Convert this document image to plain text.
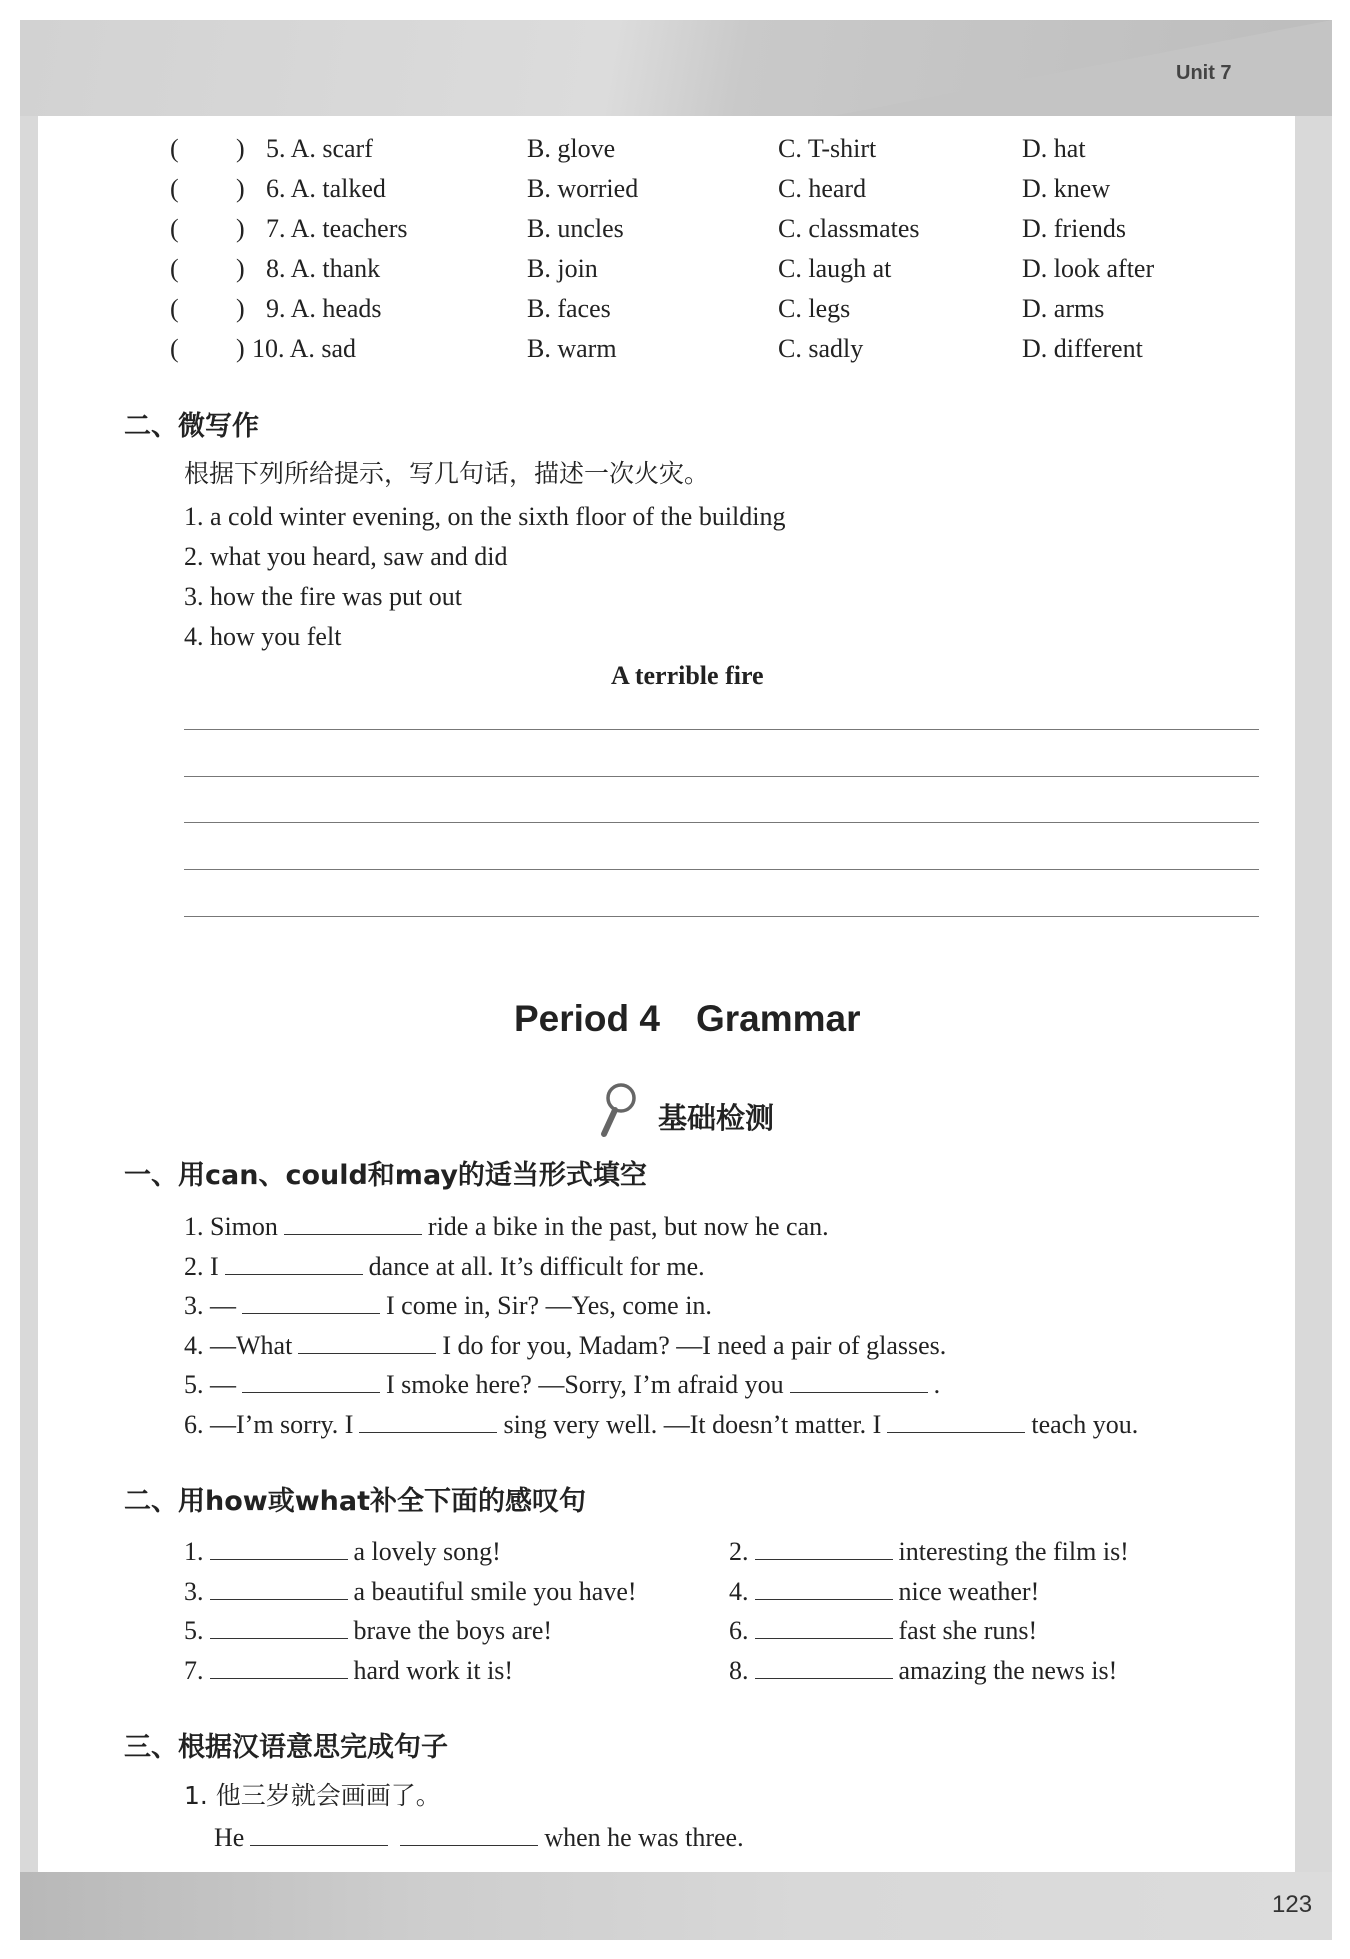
Unit 7
( ) 5. A. scarf	B. glove	C. T-shirt	D. hat
( ) 6. A. talked	B. worried	C. heard	D. knew
( ) 7. A. teachers	B. uncles	C. classmates	D. friends
( ) 8. A. thank	B. join	C. laugh at	D. look after
( ) 9. A. heads	B. faces	C. legs	D. arms
( ) 10. A. sad	B. warm	C. sadly	D. different
二、微写作
根据下列所给提示，写几句话，描述一次火灾。
1. a cold winter evening, on the sixth floor of the building
2. what you heard, saw and did
3. how the fire was put out
4. how you felt
A terrible fire
Period 4 Grammar
基础检测
一、用can、could和may的适当形式填空
1. Simon	ride a bike in the past, but now he can.
2. I	dance at all. It’s difficult for me.
3. —	I come in, Sir? —Yes, come in.
4. —What	I do for you, Madam? —I need a pair of glasses.
5. —	I smoke here? —Sorry, I’m afraid you	.
6. —I’m sorry. I	sing very well. —It doesn’t matter. I	teach you.
二、用how或what补全下面的感叹句
1.	a lovely song!	2.	interesting the film is!
3.	a beautiful smile you have!	4.	nice weather!
5.	brave the boys are!	6.	fast she runs!
7.	hard work it is!	8.	amazing the news is!
三、根据汉语意思完成句子
1. 他三岁就会画画了。
He	when he was three.
123
